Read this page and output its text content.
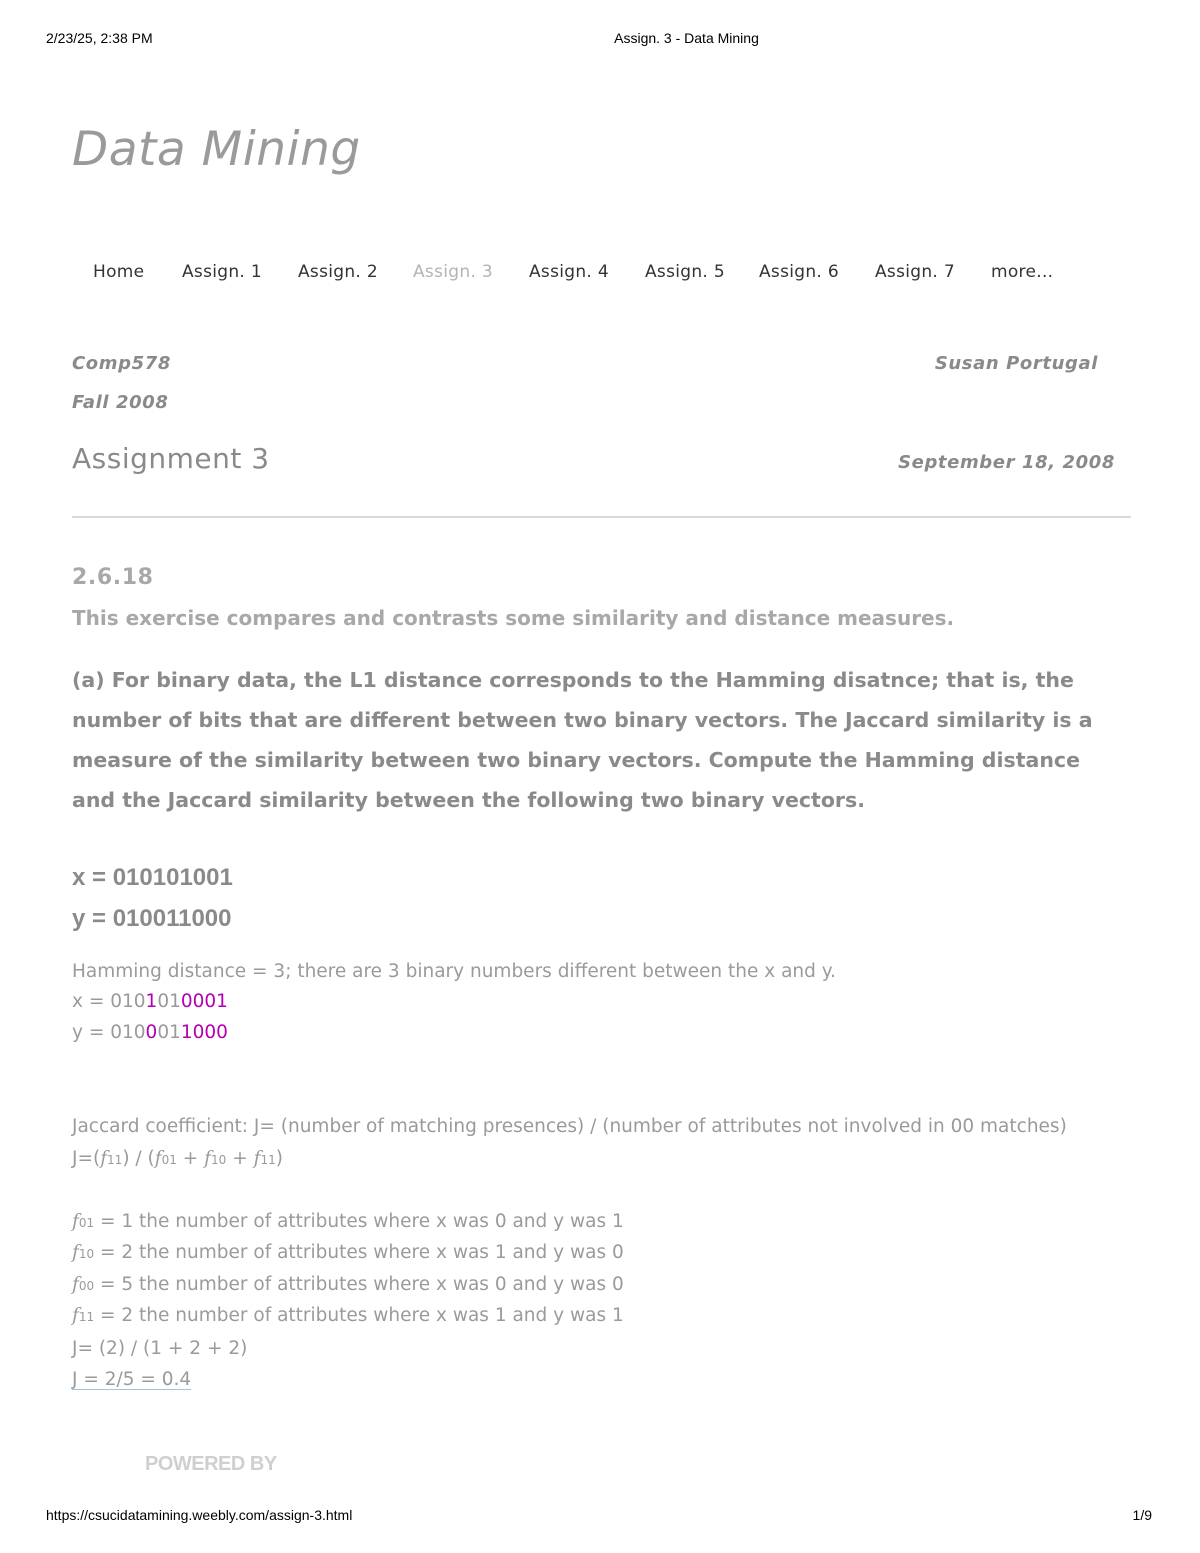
2/23/25, 2:38 PM	Assign. 3 - Data Mining
Data Mining
Home Assign. 1 Assign. 2 Assign. 3 Assign. 4 Assign. 5 Assign. 6 Assign. 7 more...
Comp578
Fall 2008
Susan Portugal
Assignment 3	September 18, 2008
2.6.18
This exercise compares and contrasts some similarity and distance measures.

(a) For binary data, the L1 distance corresponds to the Hamming disatnce; that is, the

number of bits that are different between two binary vectors. The Jaccard similarity is a

measure of the similarity between two binary vectors. Compute the Hamming distance

and the Jaccard similarity between the following two binary vectors.

x = 010101001
y = 010011000
Hamming distance = 3; there are 3 binary numbers different between the x and y.
x = 0101010001
y = 0100011000
Jaccard coefficient: J= (number of matching presences) / (number of attributes not involved in 00 matches)
J=(f11) / (f01 + f10 + f11)
f01 = 1 the number of attributes where x was 0 and y was 1
f10 = 2 the number of attributes where x was 1 and y was 0
f00 = 5 the number of attributes where x was 0 and y was 0
f11 = 2 the number of attributes where x was 1 and y was 1
J= (2) / (1 + 2 + 2)
J = 2/5 = 0.4
POWERED BY
https://csucidatamining.weebly.com/assign-3.html	1/9
